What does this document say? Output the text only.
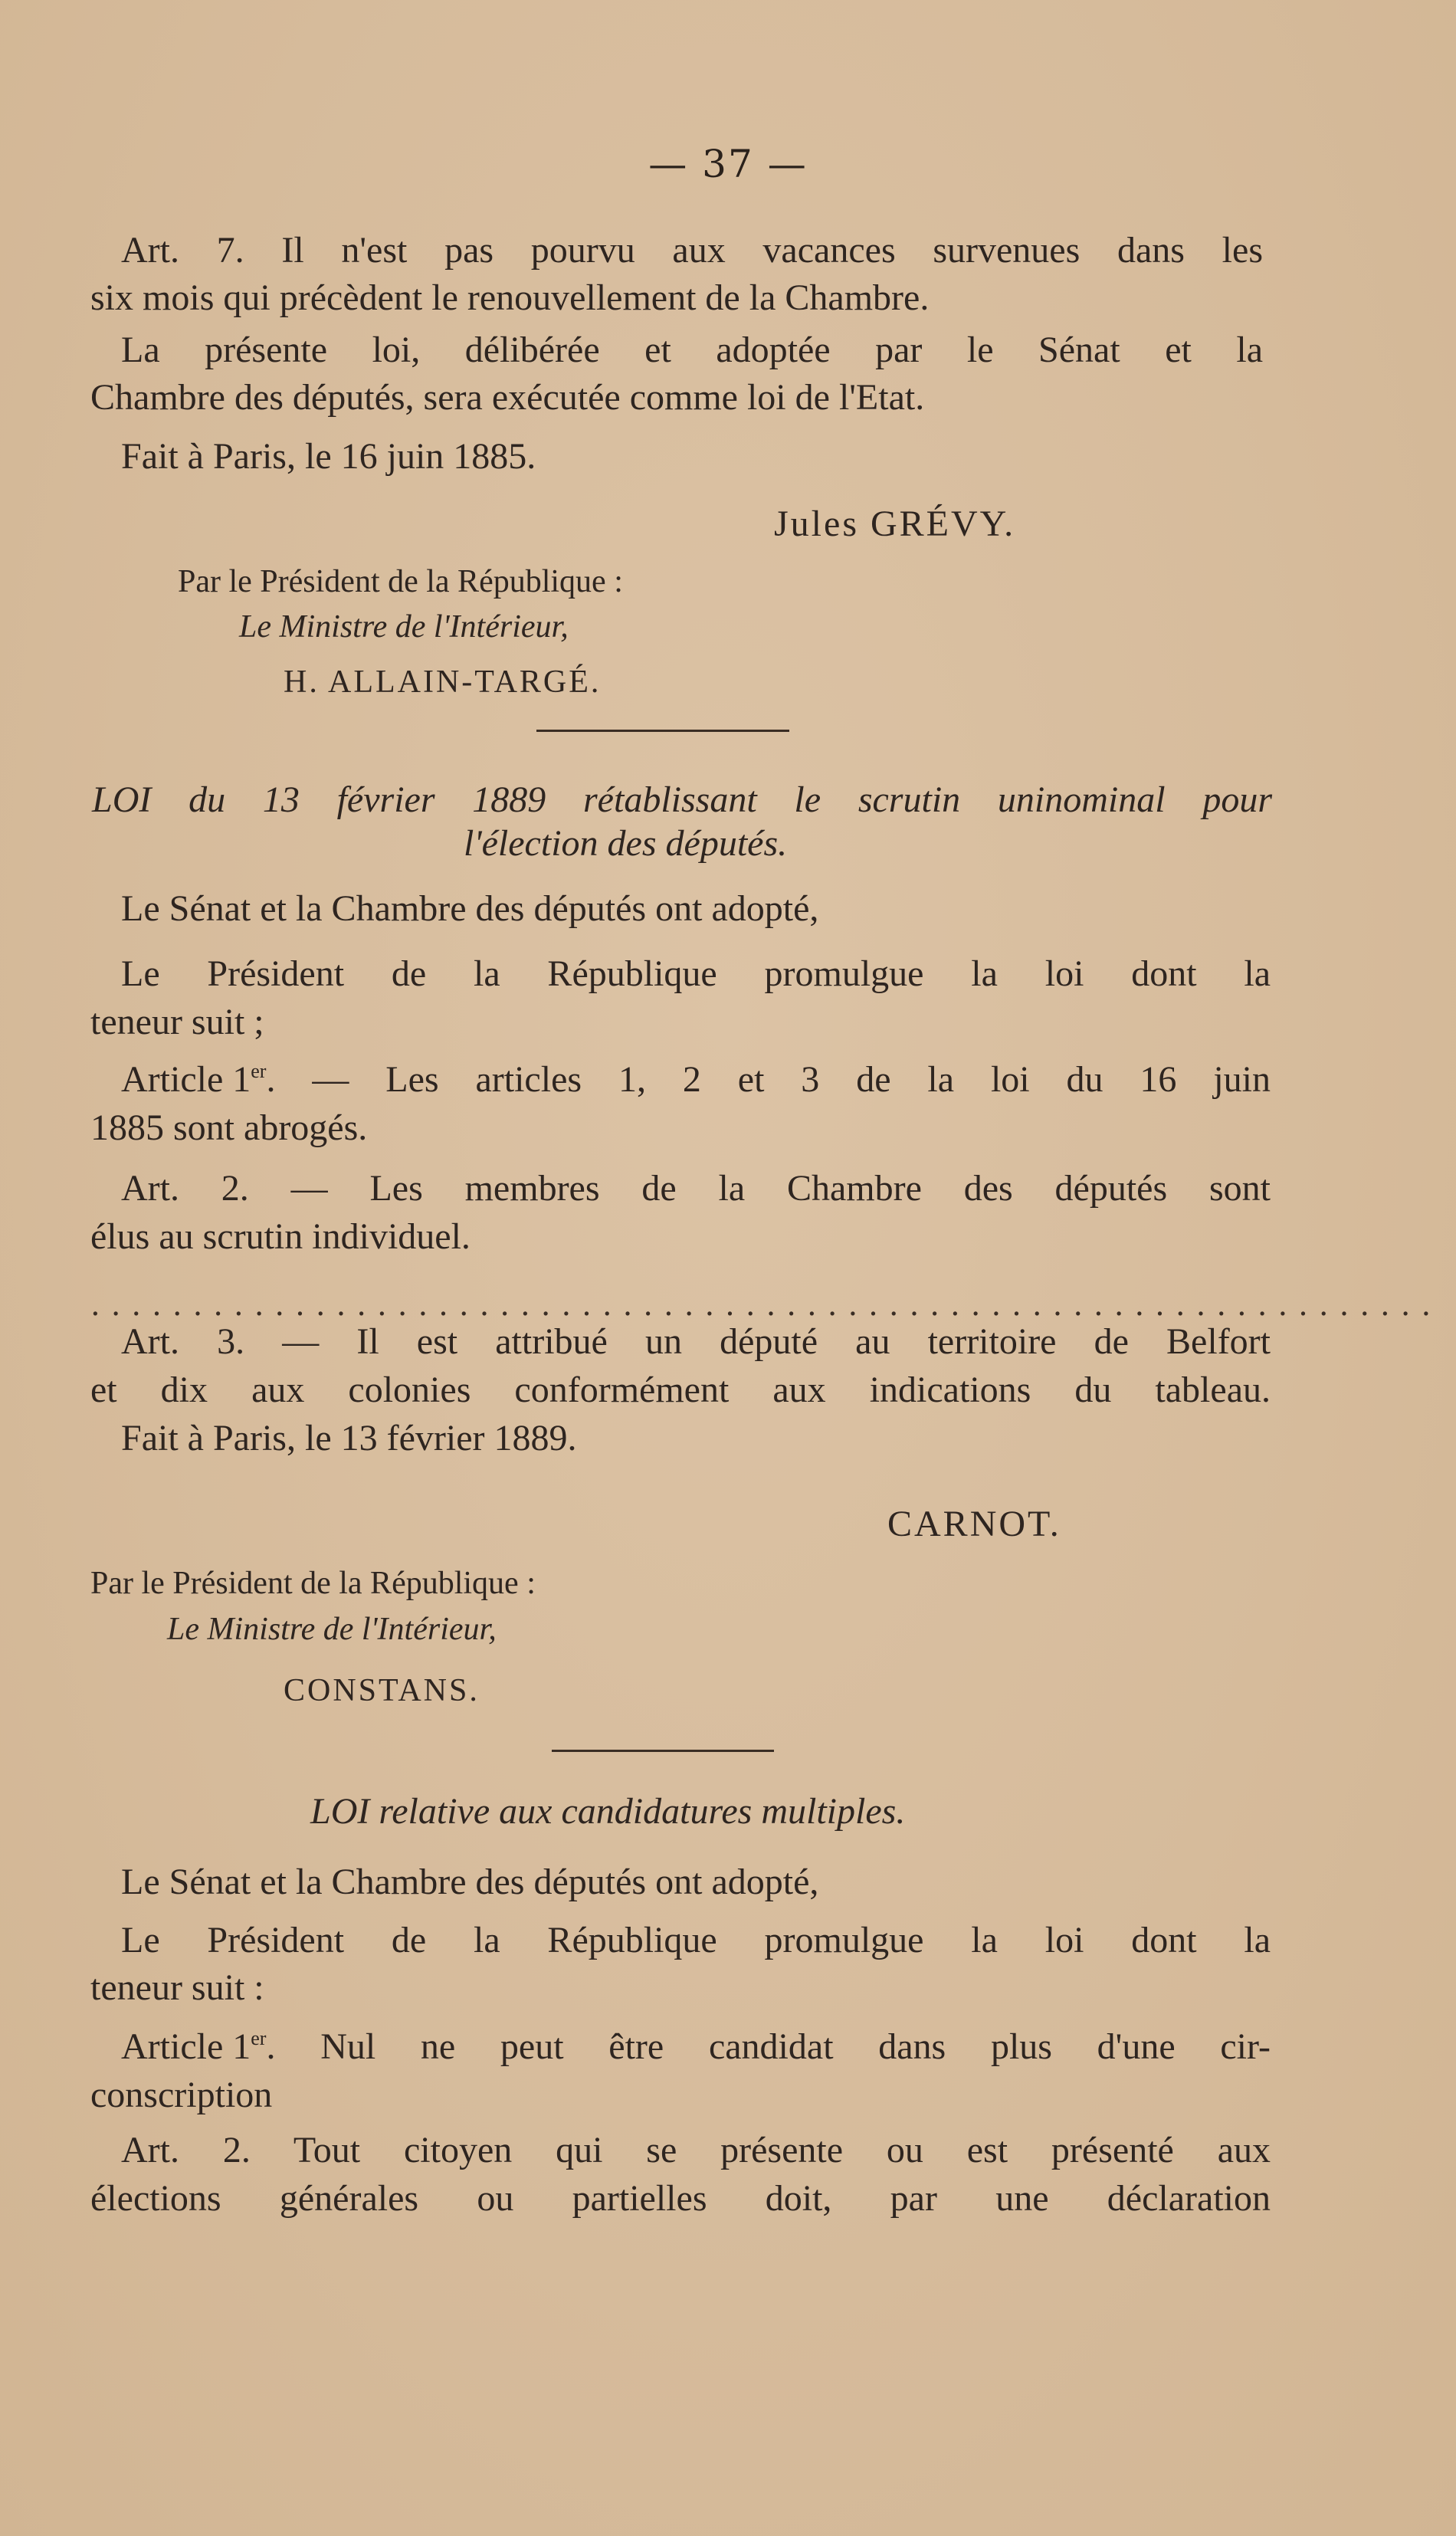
— 37 —
Art. 7. Il n'est pas pourvu aux vacances survenues dans les
six mois qui précèdent le renouvellement de la Chambre.
La présente loi, délibérée et adoptée par le Sénat et la
Chambre des députés, sera exécutée comme loi de l'Etat.
Fait à Paris, le 16 juin 1885.
Jules GRÉVY.
Par le Président de la République :
Le Ministre de l'Intérieur,
H. ALLAIN-TARGÉ.
LOI du 13 février 1889 rétablissant le scrutin uninominal pour
l'élection des députés.
Le Sénat et la Chambre des députés ont adopté,
Le Président de la République promulgue la loi dont la
teneur suit ;
Article 1er . — Les articles 1, 2 et 3 de la loi du 16 juin
1885 sont abrogés.
Art. 2. — Les membres de la Chambre des députés sont
élus au scrutin individuel.
..................................................................
Art. 3. — Il est attribué un député au territoire de Belfort
et dix aux colonies conformément aux indications du tableau.
Fait à Paris, le 13 février 1889.
CARNOT.
Par le Président de la République :
Le Ministre de l'Intérieur,
CONSTANS.
LOI relative aux candidatures multiples.
Le Sénat et la Chambre des députés ont adopté,
Le Président de la République promulgue la loi dont la
teneur suit :
Article 1er . Nul ne peut être candidat dans plus d'une cir-
conscription
Art. 2. Tout citoyen qui se présente ou est présenté aux
élections générales ou partielles doit, par une déclaration
